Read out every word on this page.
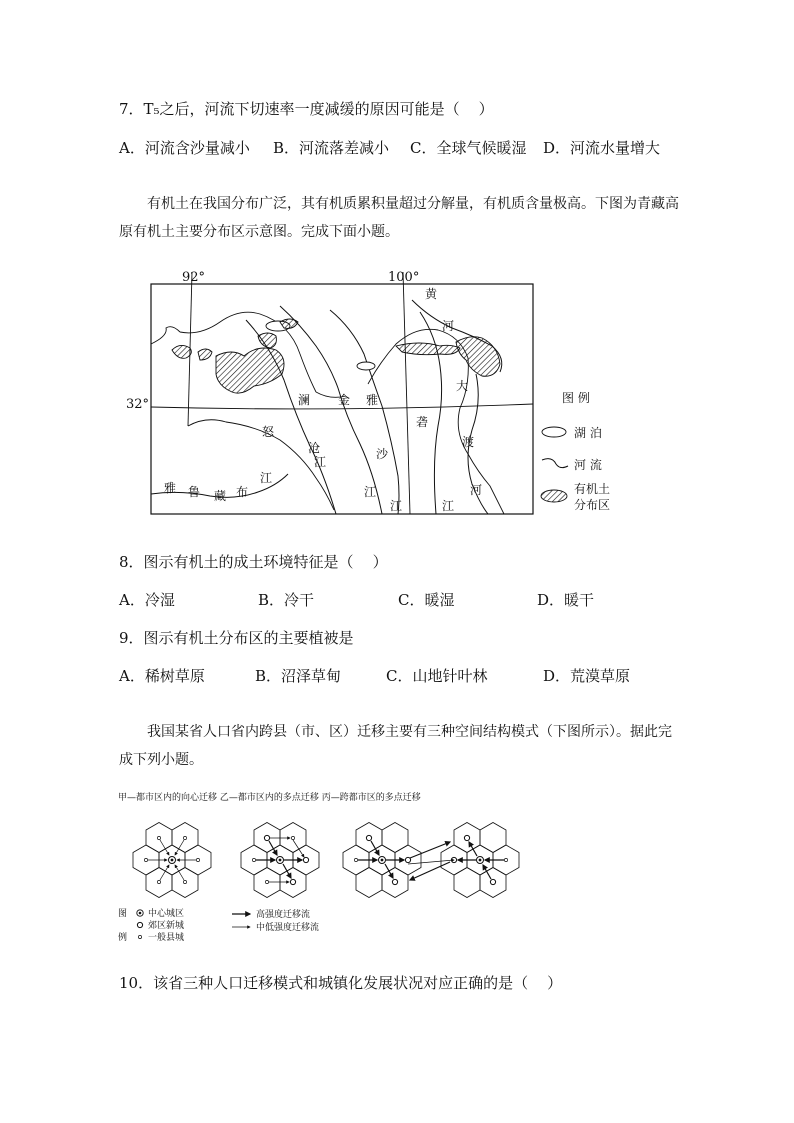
7．T₅之后，河流下切速率一度减缓的原因可能是（    ）
A．河流含沙量减小 B．河流落差减小 C．全球气候暖湿 D．河流水量增大
有机土在我国分布广泛，其有机质累积量超过分解量，有机质含量极高。下图为青藏高原有机土主要分布区示意图。完成下面小题。
92°	100°
32°
黄
河
大
澜 金 雅
怒
沧	沙
砻
渡
江
江
江	江
河
雅 鲁 藏 布
江
图 例
湖 泊
河 流
有机土
分布区
8．图示有机土的成土环境特征是（    ）
A．冷湿	B．冷干	C．暖湿	D．暖干
9．图示有机土分布区的主要植被是
A．稀树草原	B．沼泽草甸	C．山地针叶林	D．荒漠草原
我国某省人口省内跨县（市、区）迁移主要有三种空间结构模式（下图所示）。据此完成下列小题。
甲—都市区内的向心迁移 乙—都市区内的多点迁移 丙—跨都市区的多点迁移
图
例
中心城区
郊区新城
一般县城
高强度迁移流
中低强度迁移流
10．该省三种人口迁移模式和城镇化发展状况对应正确的是（    ）
